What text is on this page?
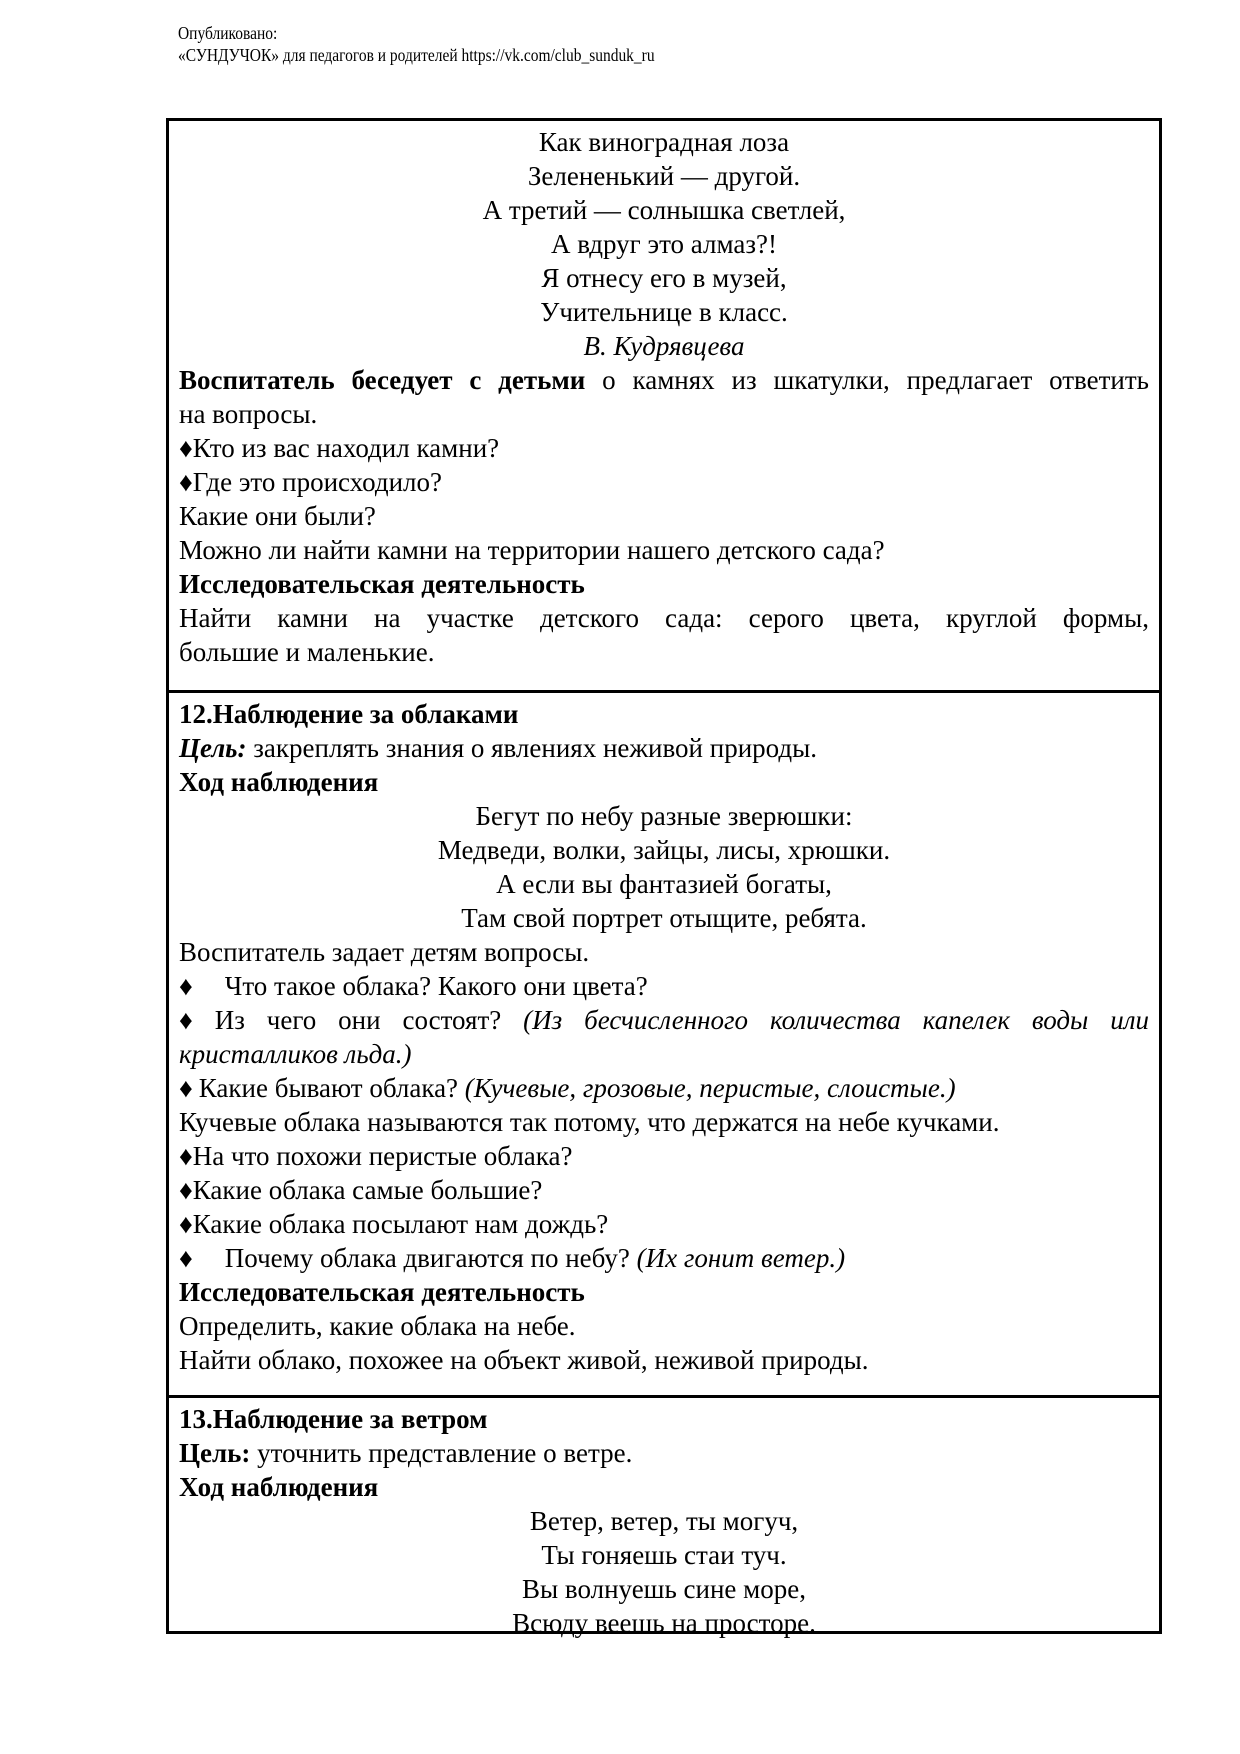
Опубликовано:
«СУНДУЧОК» для педагогов и родителей https://vk.com/club_sunduk_ru
Как виноградная лоза
Зелененький — другой.
А третий — солнышка светлей,
А вдруг это алмаз?!
Я отнесу его в музей,
Учительнице в класс.
В. Кудрявцева
Воспитатель беседует с детьми о камнях из шкатулки, предлагает ответить
на вопросы.
♦Кто из вас находил камни?
♦Где это происходило?
Какие они были?
Можно ли найти камни на территории нашего детского сада?
Исследовательская деятельность
Найти камни на участке детского сада: серого цвета, круглой формы,
большие и маленькие.
12.Наблюдение за облаками
Цель: закреплять знания о явлениях неживой природы.
Ход наблюдения
Бегут по небу разные зверюшки:
Медведи, волки, зайцы, лисы, хрюшки.
А если вы фантазией богаты,
Там свой портрет отыщите, ребята.
Воспитатель задает детям вопросы.
♦ Что такое облака? Какого они цвета?
♦ Из чего они состоят? (Из бесчисленного количества капелек воды или
кристалликов льда.)
♦ Какие бывают облака? (Кучевые, грозовые, перистые, слоистые.)
Кучевые облака называются так потому, что держатся на небе кучками.
♦На что похожи перистые облака?
♦Какие облака самые большие?
♦Какие облака посылают нам дождь?
♦ Почему облака двигаются по небу? (Их гонит ветер.)
Исследовательская деятельность
Определить, какие облака на небе.
Найти облако, похожее на объект живой, неживой природы.
13.Наблюдение за ветром
Цель: уточнить представление о ветре.
Ход наблюдения
Ветер, ветер, ты могуч,
Ты гоняешь стаи туч.
Вы волнуешь сине море,
Всюду веешь на просторе.
